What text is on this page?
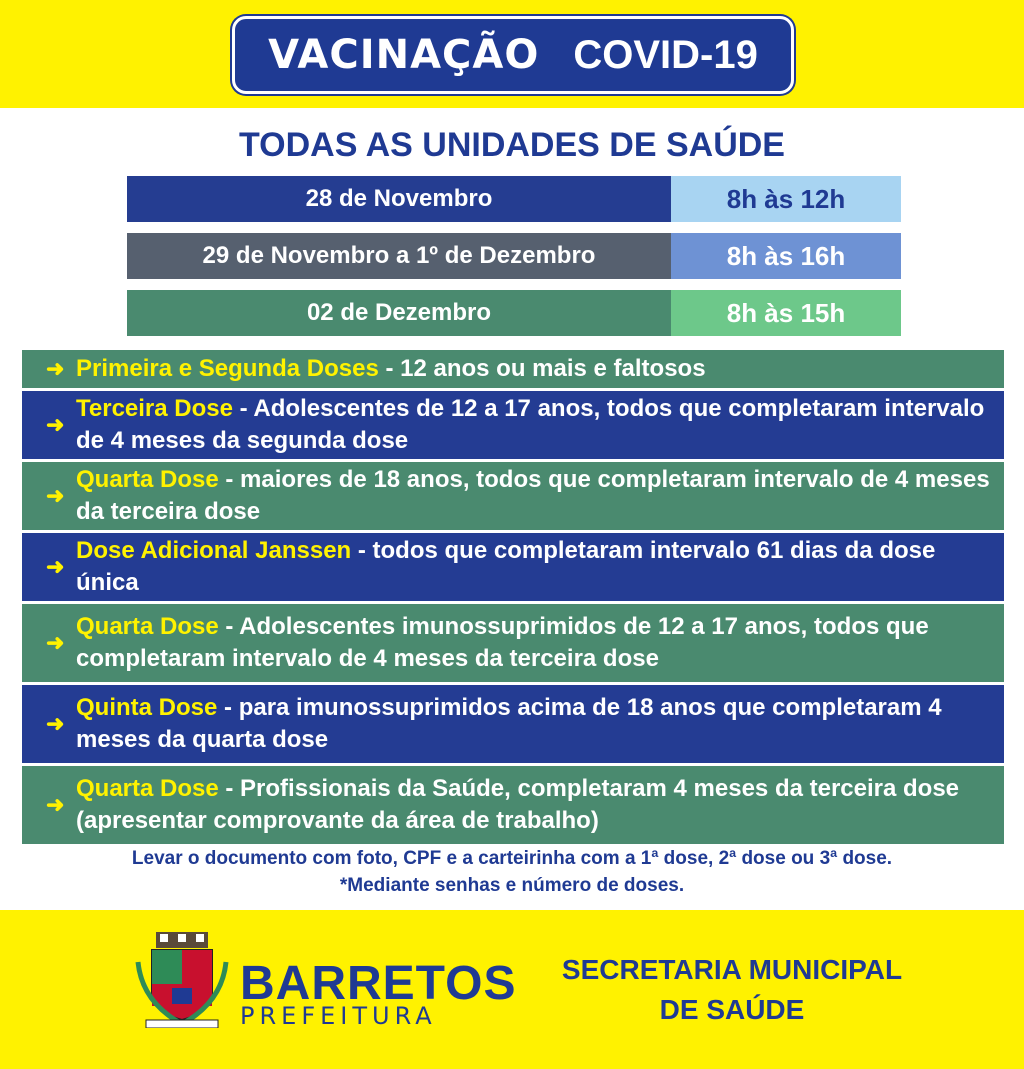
VACINAÇÃO COVID-19
TODAS AS UNIDADES DE SAÚDE
28 de Novembro	8h às 12h
29 de Novembro a 1º de Dezembro	8h às 16h
02 de Dezembro	8h às 15h
➜ Primeira e Segunda Doses - 12 anos ou mais e faltosos
➜
Terceira Dose - Adolescentes de 12 a 17 anos, todos que completaram intervalo de 4 meses da segunda dose
➜
Quarta Dose - maiores de 18 anos, todos que completaram intervalo de 4 meses da terceira dose
➜
Dose Adicional Janssen - todos que completaram intervalo 61 dias da dose única
➜
Quarta Dose - Adolescentes imunossuprimidos de 12 a 17 anos, todos que completaram intervalo de 4 meses da terceira dose
➜
Quinta Dose - para imunossuprimidos acima de 18 anos que completaram 4 meses da quarta dose
➜
Quarta Dose - Profissionais da Saúde, completaram 4 meses da terceira dose (apresentar comprovante da área de trabalho)
Levar o documento com foto, CPF e a carteirinha com a 1ª dose, 2ª dose ou 3ª dose.
*Mediante senhas e número de doses.
BARRETOS
PREFEITURA
SECRETARIA MUNICIPAL
DE SAÚDE
